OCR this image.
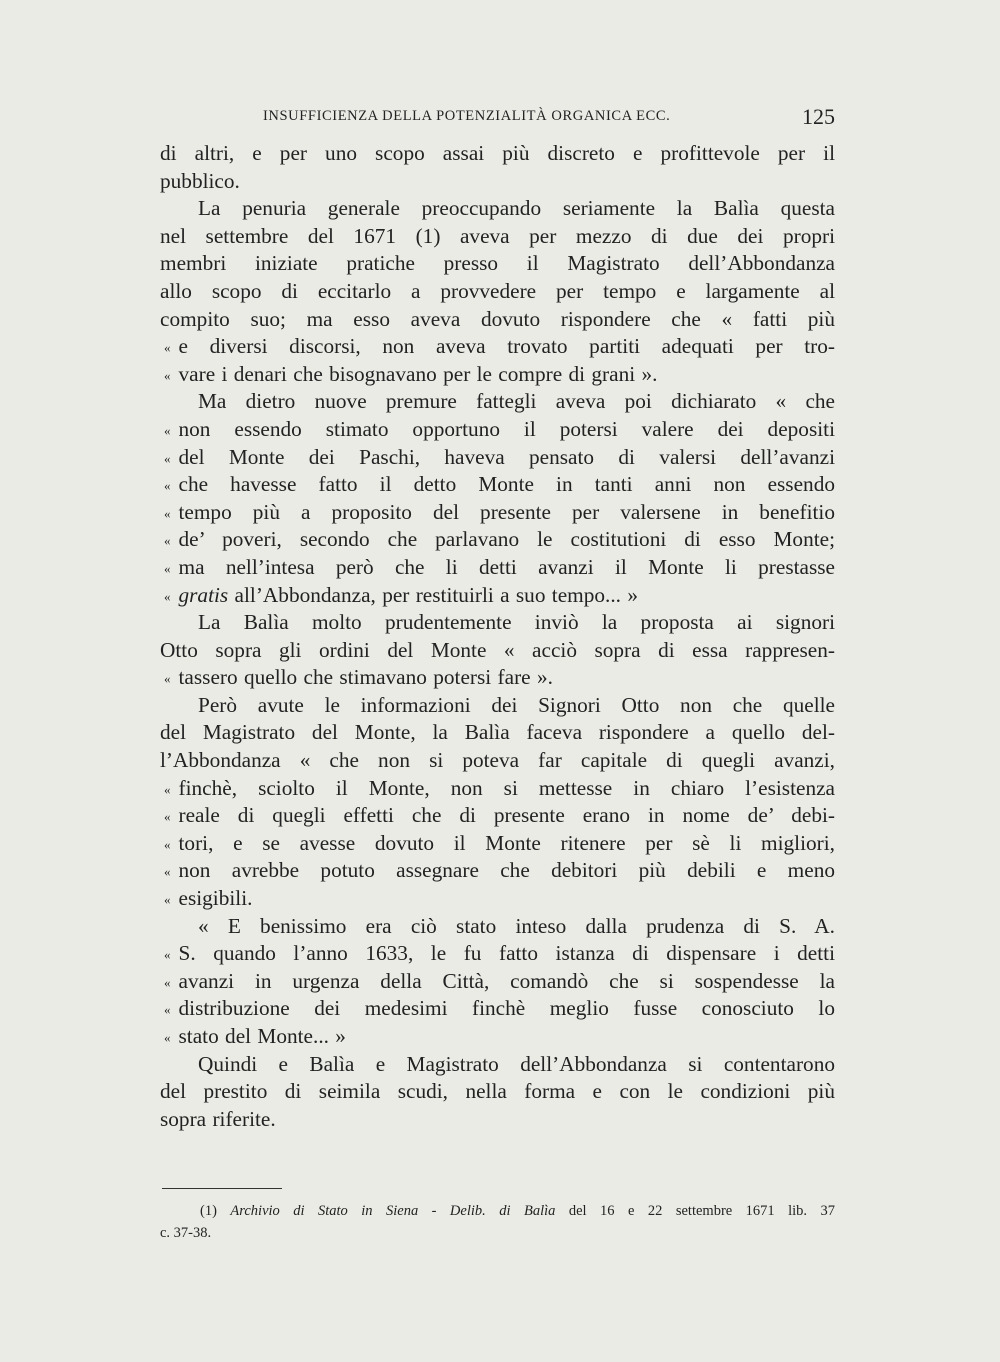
INSUFFICIENZA DELLA POTENZIALITÀ ORGANICA ECC.	125
di altri, e per uno scopo assai più discreto e profittevole per il
pubblico.
La penuria generale preoccupando seriamente la Balìa questa
nel settembre del 1671 (1) aveva per mezzo di due dei propri
membri iniziate pratiche presso il Magistrato dell’Abbondanza
allo scopo di eccitarlo a provvedere per tempo e largamente al
compito suo; ma esso aveva dovuto rispondere che « fatti più
« e diversi discorsi, non aveva trovato partiti adequati per tro-
« vare i denari che bisognavano per le compre di grani ».
Ma dietro nuove premure fattegli aveva poi dichiarato « che
« non essendo stimato opportuno il potersi valere dei depositi
« del Monte dei Paschi, haveva pensato di valersi dell’avanzi
« che havesse fatto il detto Monte in tanti anni non essendo
« tempo più a proposito del presente per valersene in benefitio
« de’ poveri, secondo che parlavano le costitutioni di esso Monte;
« ma nell’intesa però che li detti avanzi il Monte li prestasse
« gratis all’Abbondanza, per restituirli a suo tempo... »
La Balìa molto prudentemente inviò la proposta ai signori
Otto sopra gli ordini del Monte « acciò sopra di essa rappresen-
« tassero quello che stimavano potersi fare ».
Però avute le informazioni dei Signori Otto non che quelle
del Magistrato del Monte, la Balìa faceva rispondere a quello del-
l’Abbondanza « che non si poteva far capitale di quegli avanzi,
« finchè, sciolto il Monte, non si mettesse in chiaro l’esistenza
« reale di quegli effetti che di presente erano in nome de’ debi-
« tori, e se avesse dovuto il Monte ritenere per sè li migliori,
« non avrebbe potuto assegnare che debitori più debili e meno
« esigibili.
« E benissimo era ciò stato inteso dalla prudenza di S. A.
« S. quando l’anno 1633, le fu fatto istanza di dispensare i detti
« avanzi in urgenza della Città, comandò che si sospendesse la
« distribuzione dei medesimi finchè meglio fusse conosciuto lo
« stato del Monte... »
Quindi e Balìa e Magistrato dell’Abbondanza si contentarono
del prestito di seimila scudi, nella forma e con le condizioni più
sopra riferite.
(1) Archivio di Stato in Siena - Delib. di Balìa del 16 e 22 settembre 1671 lib. 37
c. 37-38.
